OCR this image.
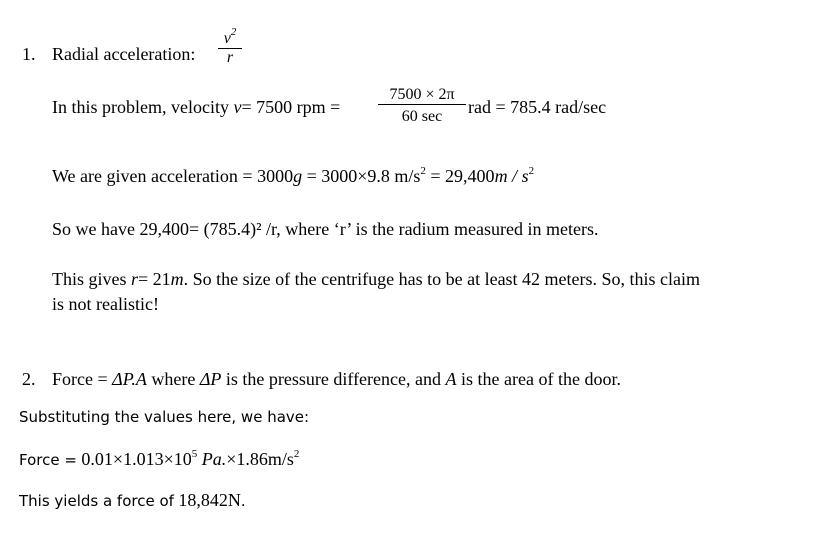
1. Radial acceleration: $\frac{v^2}{r}$
In this problem, velocity v= 7500 rpm =
7500 × 2π
60 sec	rad = 785.4 rad/sec
We are given acceleration = 3000g = 3000×9.8 $m/s^2 = 29,400m / s^2$
So we have 29,400= (785.4)² /r, where ‘r’ is the radium measured in meters.
This gives r= 21m. So the size of the centrifuge has to be at least 42 meters. So, this claim
is not realistic!
2. Force = ΔP.A where ΔP is the pressure difference, and A is the area of the door.
Substituting the values here, we have:
Force = $0.01\times 1.013\times 10^5$ $Pa.\times 1.86m/s^2$
This yields a force of 18,842N.
